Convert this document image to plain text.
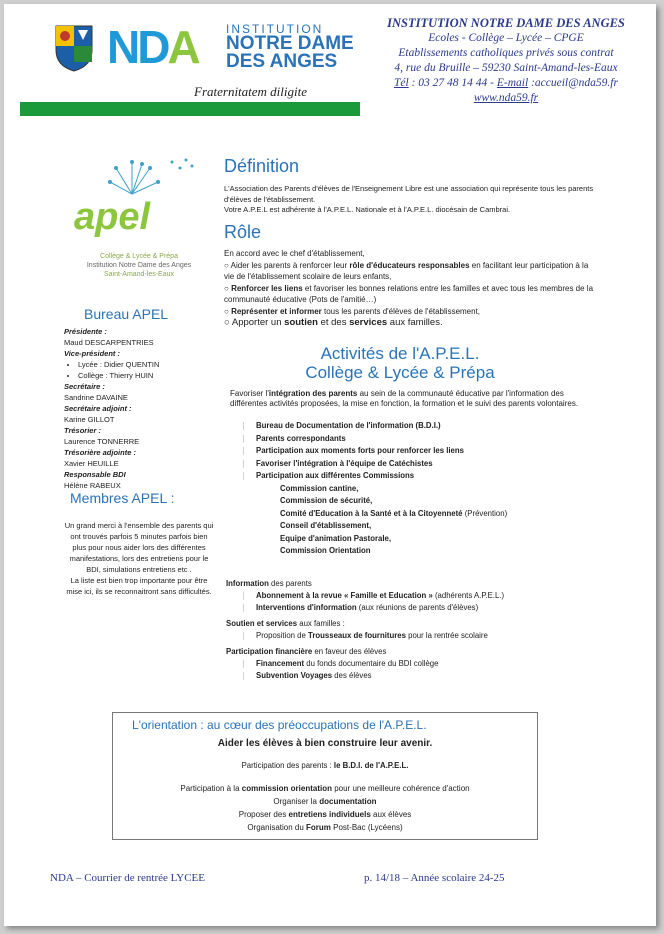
NDA	INSTITUTION
NOTRE DAME DES ANGES
Fraternitatem diligite
INSTITUTION NOTRE DAME DES ANGES
Ecoles - Collège – Lycée – CPGE
Etablissements catholiques privés sous contrat
4, rue du Bruille – 59230 Saint-Amand-les-Eaux
Tél : 03 27 48 14 44 - E-mail :accueil@nda59.fr
www.nda59.fr
apel
Collège & Lycée & Prépa
Institution Notre Dame des Anges
Saint-Amand-les-Eaux
Bureau APEL
Présidente :
Maud DESCARPENTRIES
Vice-président :
• Lycée : Didier QUENTIN
• Collège : Thierry HUIN
Secrétaire :
Sandrine DAVAINE
Secrétaire adjoint :
Karine GILLOT
Trésorier :
Laurence TONNERRE
Trésorière adjointe :
Xavier HEUILLE
Responsable BDI
Hélène RABEUX
Membres APEL :
Un grand merci à l'ensemble des parents qui ont trouvés parfois 5 minutes parfois bien plus pour nous aider lors des différentes manifestations, lors des entretiens pour le BDI, simulations entretiens etc .
La liste est bien trop importante pour être mise ici, ils se reconnaitront sans difficultés.
Définition
L'Association des Parents d'élèves de l'Enseignement Libre est une association qui représente tous les parents d'élèves de l'établissement.
Votre A.P.E.L est adhérente à l'A.P.E.L. Nationale et à l'A.P.E.L. diocésain de Cambrai.
Rôle
En accord avec le chef d'établissement,
○ Aider les parents à renforcer leur rôle d'éducateurs responsables en facilitant leur participation à la vie de l'établissement scolaire de leurs enfants,
○ Renforcer les liens et favoriser les bonnes relations entre les familles et avec tous les membres de la communauté éducative (Pots de l'amitié…)
○ Représenter et informer tous les parents d'élèves de l'établissement,
○ Apporter un soutien et des services aux familles.
Activités de l'A.P.E.L.
Collège & Lycée & Prépa
Favoriser l'intégration des parents au sein de la communauté éducative par l'information des différentes activités proposées, la mise en fonction, la formation et le suivi des parents volontaires.
❘ Bureau de Documentation de l'information (B.D.I.)
❘ Parents correspondants
❘ Participation aux moments forts pour renforcer les liens
❘ Favoriser l'intégration à l'équipe de Catéchistes
❘ Participation aux différentes Commissions
Commission cantine,
Commission de sécurité,
Comité d'Education à la Santé et à la Citoyenneté (Prévention)
Conseil d'établissement,
Equipe d'animation Pastorale,
Commission Orientation
Information des parents
❘ Abonnement à la revue « Famille et Education » (adhérents A.P.E.L.)
❘ Interventions d'information (aux réunions de parents d'élèves)
Soutien et services aux familles :
❘ Proposition de Trousseaux de fournitures pour la rentrée scolaire
Participation financière en faveur des élèves
❘ Financement du fonds documentaire du BDI collège
❘ Subvention Voyages des élèves
L'orientation : au cœur des préoccupations de l'A.P.E.L.
Aider les élèves à bien construire leur avenir.
Participation des parents : le B.D.I. de l'A.P.E.L.
Participation à la commission orientation pour une meilleure cohérence d'action
Organiser la documentation
Proposer des entretiens individuels aux élèves
Organisation du Forum Post-Bac (Lycéens)
NDA – Courrier de rentrée LYCEE	p. 14/18 – Année scolaire 24-25
